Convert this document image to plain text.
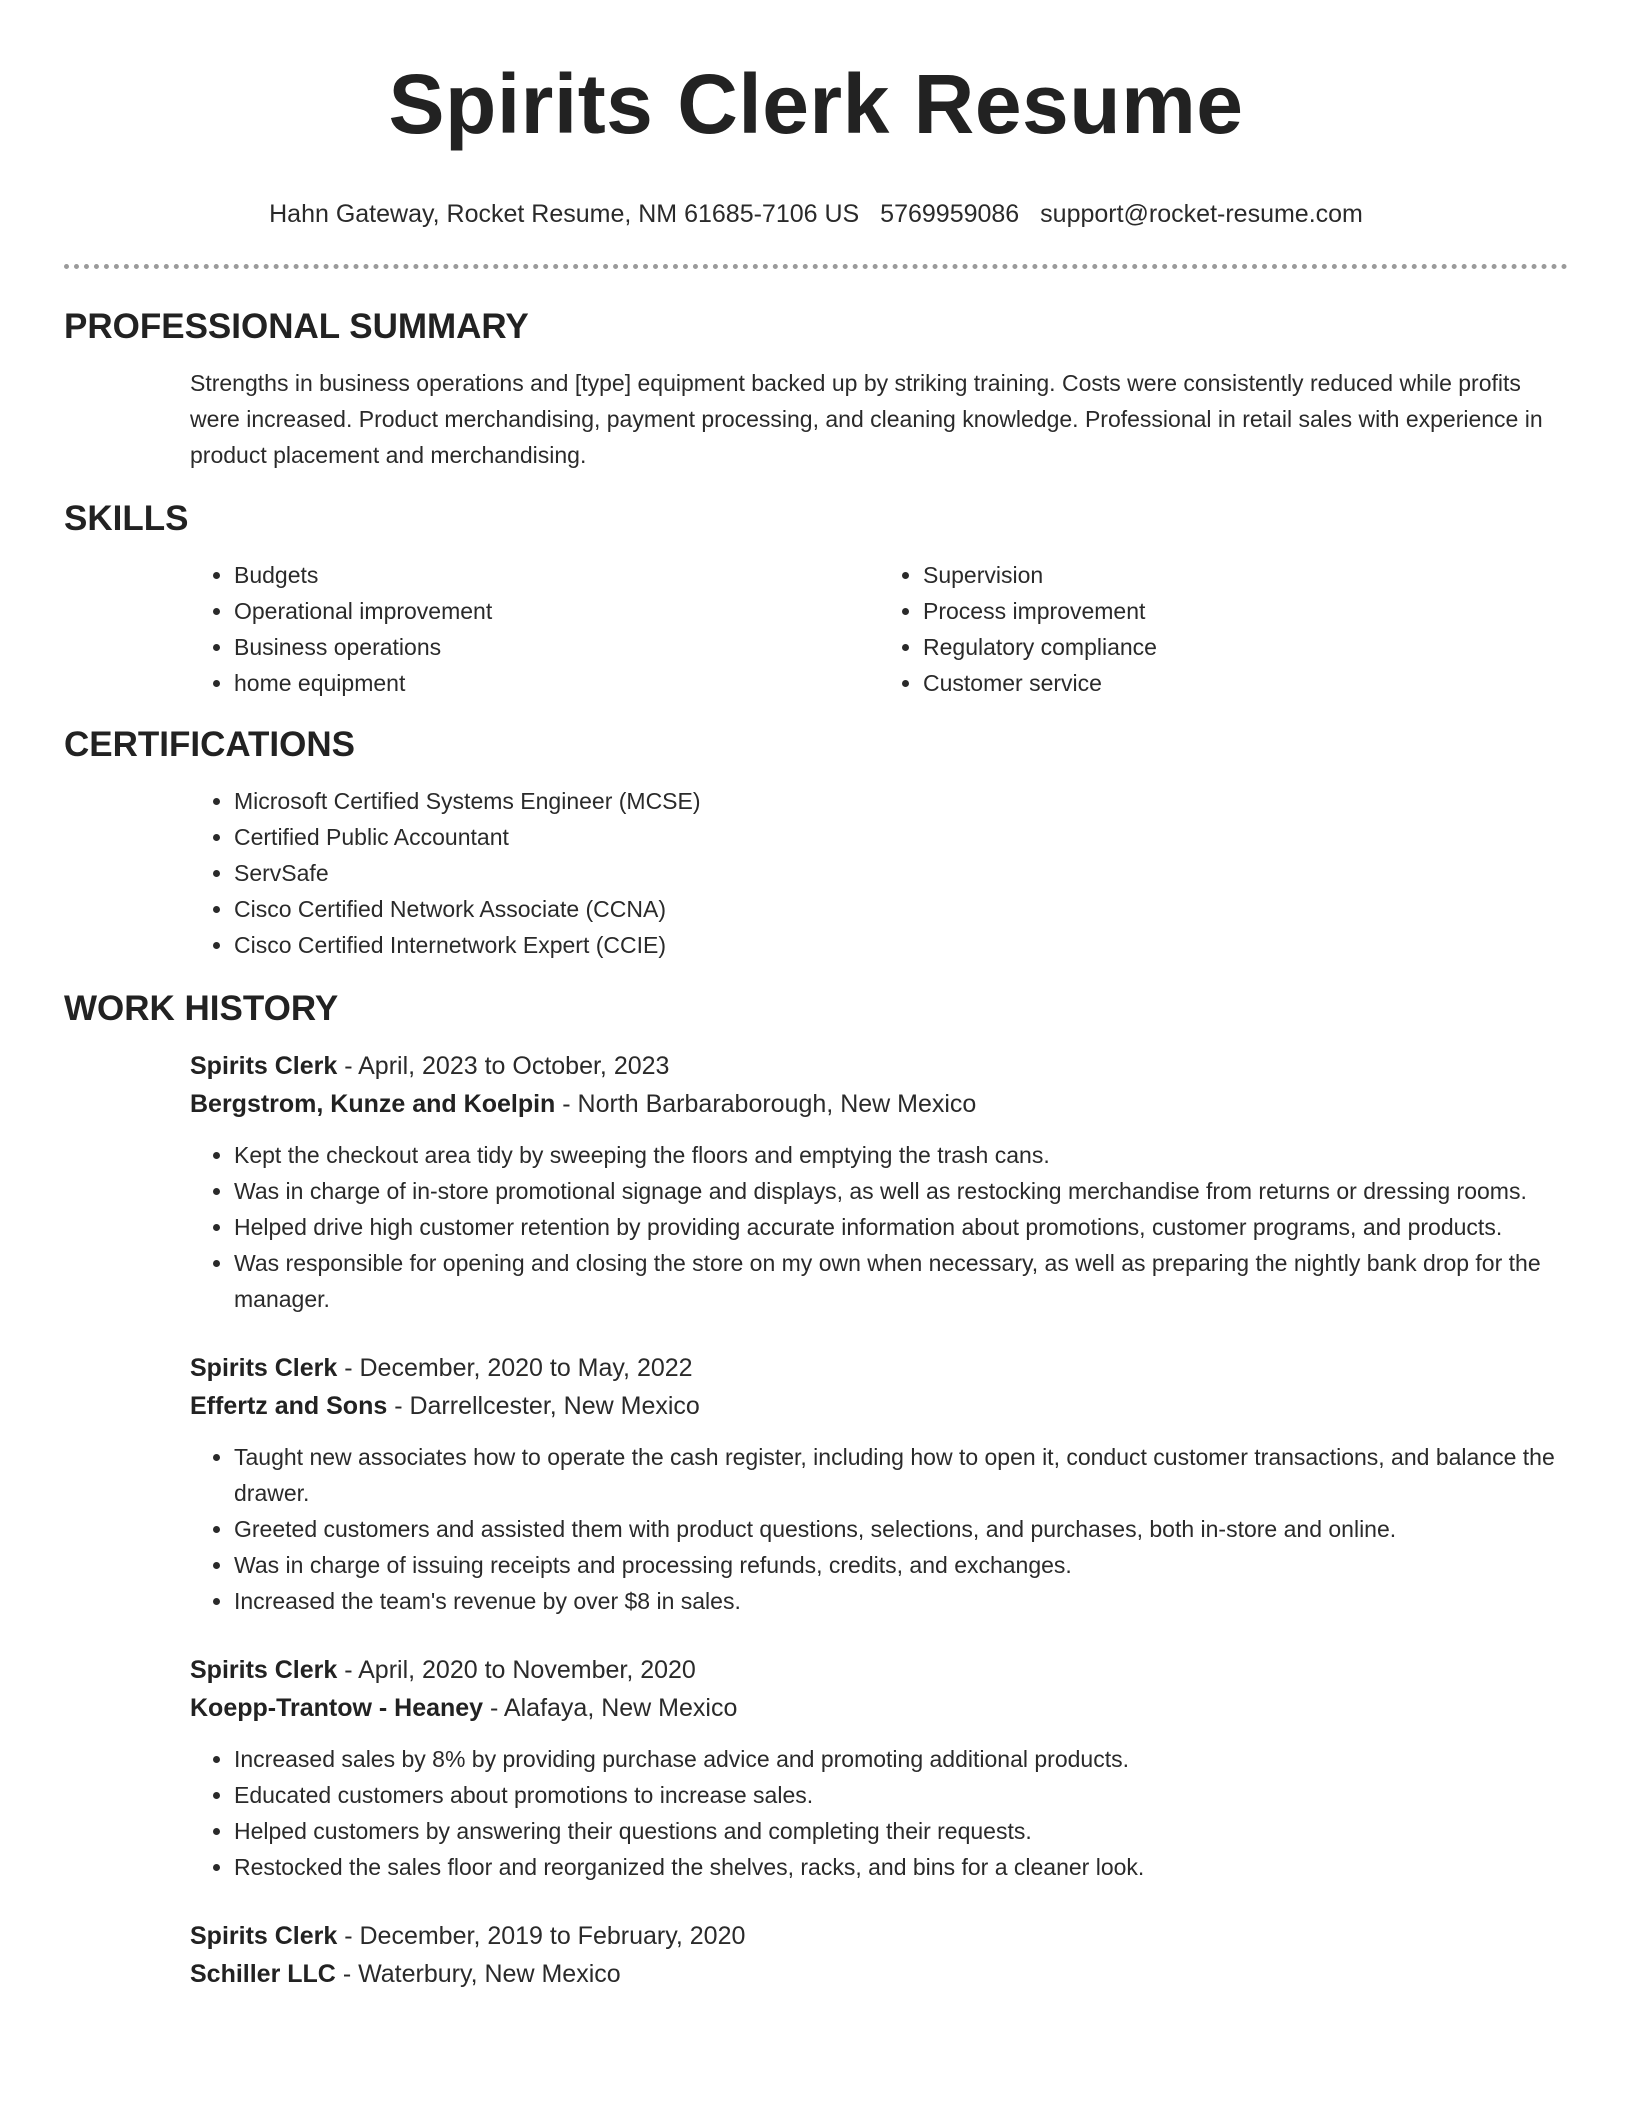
Spirits Clerk Resume
Hahn Gateway, Rocket Resume, NM 61685-7106 US 5769959086 support@rocket-resume.com
PROFESSIONAL SUMMARY

Strengths in business operations and [type] equipment backed up by striking training. Costs were consistently reduced while profits were increased. Product merchandising, payment processing, and cleaning knowledge. Professional in retail sales with experience in product placement and merchandising.

SKILLS
• Budgets
• Operational improvement
• Business operations
• home equipment
• Supervision
• Process improvement
• Regulatory compliance
• Customer service
CERTIFICATIONS
• Microsoft Certified Systems Engineer (MCSE)
• Certified Public Accountant
• ServSafe
• Cisco Certified Network Associate (CCNA)
• Cisco Certified Internetwork Expert (CCIE)
WORK HISTORY
Spirits Clerk - April, 2023 to October, 2023
Bergstrom, Kunze and Koelpin - North Barbaraborough, New Mexico
• Kept the checkout area tidy by sweeping the floors and emptying the trash cans.
• Was in charge of in-store promotional signage and displays, as well as restocking merchandise from returns or dressing rooms.
• Helped drive high customer retention by providing accurate information about promotions, customer programs, and products.
• Was responsible for opening and closing the store on my own when necessary, as well as preparing the nightly bank drop for the manager.
Spirits Clerk - December, 2020 to May, 2022
Effertz and Sons - Darrellcester, New Mexico
• Taught new associates how to operate the cash register, including how to open it, conduct customer transactions, and balance the drawer.
• Greeted customers and assisted them with product questions, selections, and purchases, both in-store and online.
• Was in charge of issuing receipts and processing refunds, credits, and exchanges.
• Increased the team's revenue by over $8 in sales.
Spirits Clerk - April, 2020 to November, 2020
Koepp-Trantow - Heaney - Alafaya, New Mexico
• Increased sales by 8% by providing purchase advice and promoting additional products.
• Educated customers about promotions to increase sales.
• Helped customers by answering their questions and completing their requests.
• Restocked the sales floor and reorganized the shelves, racks, and bins for a cleaner look.
Spirits Clerk - December, 2019 to February, 2020
Schiller LLC - Waterbury, New Mexico
